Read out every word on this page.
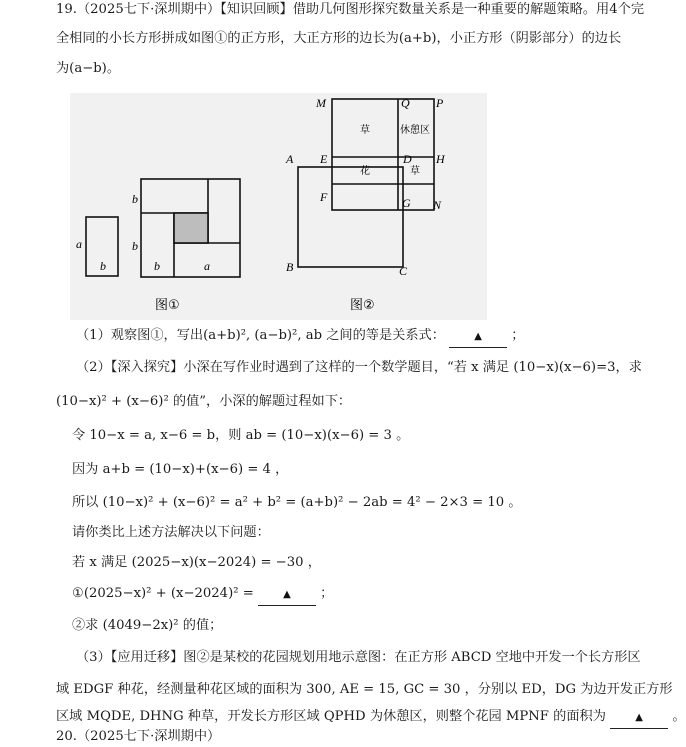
19.（2025七下·深圳期中）【知识回顾】借助几何图形探究数量关系是一种重要的解题策略。用4个完
全相同的小长方形拼成如图①的正方形，大正方形的边长为(a+b)，小正方形（阴影部分）的边长
为(a−b)。
a
b
b
b
b	a
图①
M	Q P
A E	D H
F	G N
B	C
草	休憩区
花	草
图②
（1）观察图①，写出(a+b)², (a−b)², ab 之间的等是关系式：	▲ ；
（2）【深入探究】小深在写作业时遇到了这样的一个数学题目，“若 x 满足 (10−x)(x−6)=3，求
(10−x)² + (x−6)² 的值”，小深的解题过程如下：
令 10−x = a, x−6 = b，则 ab = (10−x)(x−6) = 3 。
因为 a+b = (10−x)+(x−6) = 4 ，
所以 (10−x)² + (x−6)² = a² + b² = (a+b)² − 2ab = 4² − 2×3 = 10 。
请你类比上述方法解决以下问题：
若 x 满足 (2025−x)(x−2024) = −30 ，
①(2025−x)² + (x−2024)² =	▲ ；
②求 (4049−2x)² 的值；
（3）【应用迁移】图②是某校的花园规划用地示意图：在正方形 ABCD 空地中开发一个长方形区
域 EDGF 种花，经测量种花区域的面积为 300, AE = 15, GC = 30 ，分别以 ED，DG 为边开发正方形
区域 MQDE, DHNG 种草，开发长方形区域 QPHD 为休憩区，则整个花园 MPNF 的面积为	▲ 。
20.（2025七下·深圳期中）
